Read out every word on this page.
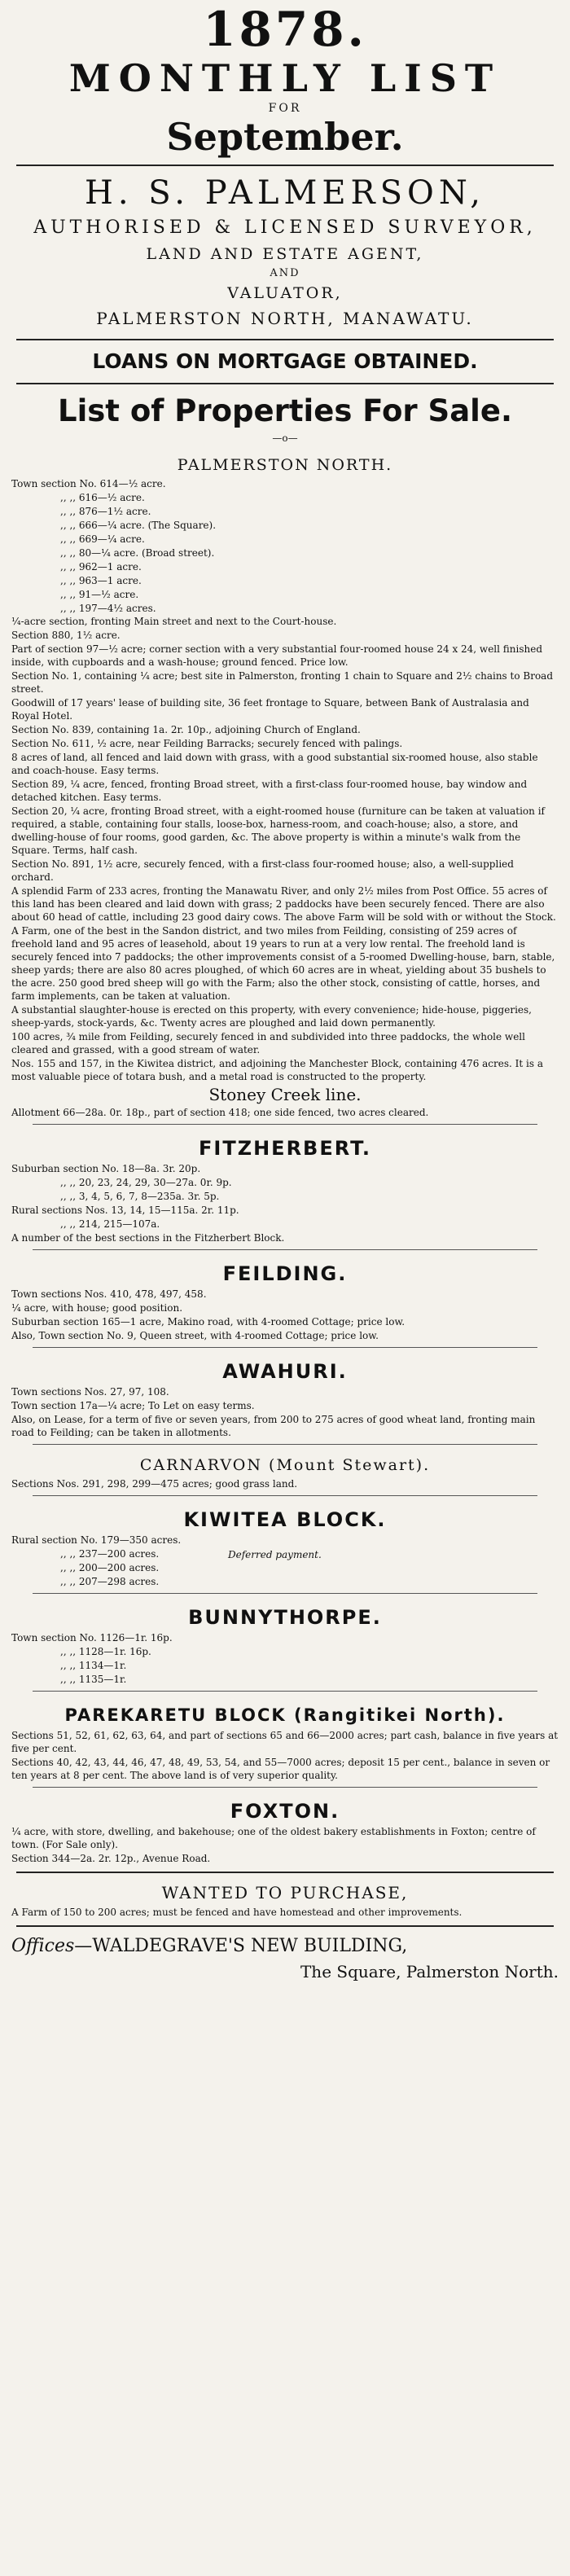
1878.
MONTHLY LIST
FOR
September.
H. S. PALMERSON,
AUTHORISED & LICENSED SURVEYOR,
LAND AND ESTATE AGENT,
AND
VALUATOR,
PALMERSTON NORTH, MANAWATU.
LOANS ON MORTGAGE OBTAINED.
List of Properties For Sale.
—o—
PALMERSTON NORTH.

Town section No. 614—½ acre.

,, ,, 616—½ acre.

,, ,, 876—1½ acre.

,, ,, 666—¼ acre. (The Square).

,, ,, 669—¼ acre.

,, ,, 80—¼ acre. (Broad street).

,, ,, 962—1 acre.

,, ,, 963—1 acre.

,, ,, 91—½ acre.

,, ,, 197—4½ acres.

¼-acre section, fronting Main street and next to the Court-house.

Section 880, 1½ acre.

Part of section 97—½ acre; corner section with a very substantial four-roomed house 24 x 24, well finished inside, with cupboards and a wash-house; ground fenced. Price low.

Section No. 1, containing ¼ acre; best site in Palmerston, fronting 1 chain to Square and 2½ chains to Broad street.

Goodwill of 17 years' lease of building site, 36 feet frontage to Square, between Bank of Australasia and Royal Hotel.

Section No. 839, containing 1a. 2r. 10p., adjoining Church of England.

Section No. 611, ½ acre, near Feilding Barracks; securely fenced with palings.

8 acres of land, all fenced and laid down with grass, with a good substantial six-roomed house, also stable and coach-house. Easy terms.

Section 89, ¼ acre, fenced, fronting Broad street, with a first-class four-roomed house, bay window and detached kitchen. Easy terms.

Section 20, ¼ acre, fronting Broad street, with a eight-roomed house (furniture can be taken at valuation if required, a stable, containing four stalls, loose-box, harness-room, and coach-house; also, a store, and dwelling-house of four rooms, good garden, &c. The above property is within a minute's walk from the Square. Terms, half cash.

Section No. 891, 1½ acre, securely fenced, with a first-class four-roomed house; also, a well-supplied orchard.

A splendid Farm of 233 acres, fronting the Manawatu River, and only 2½ miles from Post Office. 55 acres of this land has been cleared and laid down with grass; 2 paddocks have been securely fenced. There are also about 60 head of cattle, including 23 good dairy cows. The above Farm will be sold with or without the Stock.

A Farm, one of the best in the Sandon district, and two miles from Feilding, consisting of 259 acres of freehold land and 95 acres of leasehold, about 19 years to run at a very low rental. The freehold land is securely fenced into 7 paddocks; the other improvements consist of a 5-roomed Dwelling-house, barn, stable, sheep yards; there are also 80 acres ploughed, of which 60 acres are in wheat, yielding about 35 bushels to the acre. 250 good bred sheep will go with the Farm; also the other stock, consisting of cattle, horses, and farm implements, can be taken at valuation.

A substantial slaughter-house is erected on this property, with every convenience; hide-house, piggeries, sheep-yards, stock-yards, &c. Twenty acres are ploughed and laid down permanently.

100 acres, ¾ mile from Feilding, securely fenced in and subdivided into three paddocks, the whole well cleared and grassed, with a good stream of water.

Nos. 155 and 157, in the Kiwitea district, and adjoining the Manchester Block, containing 476 acres. It is a most valuable piece of totara bush, and a metal road is constructed to the property.

Stoney Creek line.

Allotment 66—28a. 0r. 18p., part of section 418; one side fenced, two acres cleared.

FITZHERBERT.

Suburban section No. 18—8a. 3r. 20p.

,, ,, 20, 23, 24, 29, 30—27a. 0r. 9p.

,, ,, 3, 4, 5, 6, 7, 8—235a. 3r. 5p.

Rural sections Nos. 13, 14, 15—115a. 2r. 11p.

,, ,, 214, 215—107a.

A number of the best sections in the Fitzherbert Block.

FEILDING.

Town sections Nos. 410, 478, 497, 458.

¼ acre, with house; good position.

Suburban section 165—1 acre, Makino road, with 4-roomed Cottage; price low.

Also, Town section No. 9, Queen street, with 4-roomed Cottage; price low.

AWAHURI.

Town sections Nos. 27, 97, 108.

Town section 17a—¼ acre; To Let on easy terms.

Also, on Lease, for a term of five or seven years, from 200 to 275 acres of good wheat land, fronting main road to Feilding; can be taken in allotments.

CARNARVON (Mount Stewart).

Sections Nos. 291, 298, 299—475 acres; good grass land.

KIWITEA BLOCK.

Rural section No. 179—350 acres.

,, ,, 237—200 acres.

,, ,, 200—200 acres.

,, ,, 207—298 acres.

Deferred payment.
BUNNYTHORPE.

Town section No. 1126—1r. 16p.

,, ,, 1128—1r. 16p.

,, ,, 1134—1r.

,, ,, 1135—1r.

PAREKARETU BLOCK (Rangitikei North).

Sections 51, 52, 61, 62, 63, 64, and part of sections 65 and 66—2000 acres; part cash, balance in five years at five per cent.

Sections 40, 42, 43, 44, 46, 47, 48, 49, 53, 54, and 55—7000 acres; deposit 15 per cent., balance in seven or ten years at 8 per cent. The above land is of very superior quality.

FOXTON.

¼ acre, with store, dwelling, and bakehouse; one of the oldest bakery establishments in Foxton; centre of town. (For Sale only).

Section 344—2a. 2r. 12p., Avenue Road.

WANTED TO PURCHASE,

A Farm of 150 to 200 acres; must be fenced and have homestead and other improvements.

Offices—WALDEGRAVE'S NEW BUILDING,
The Square, Palmerston North.
